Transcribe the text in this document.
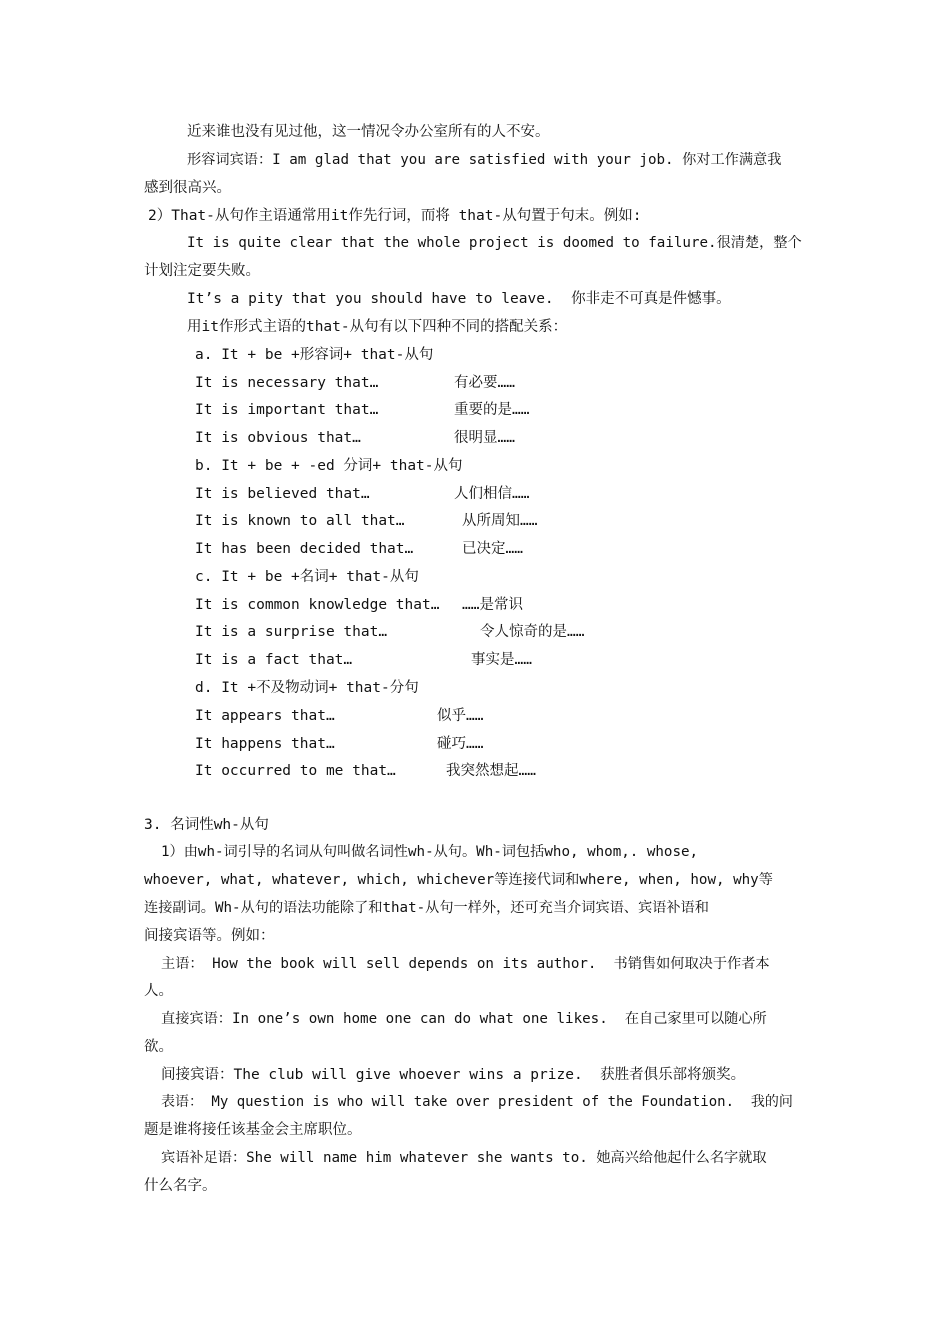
近来谁也没有见过他，这一情况令办公室所有的人不安。
形容词宾语：I am glad that you are satisfied with your job. 你对工作满意我
感到很高兴。
2）That-从句作主语通常用it作先行词，而将 that-从句置于句末。例如:
It is quite clear that the whole project is doomed to failure.很清楚，整个
计划注定要失败。
It’s a pity that you should have to leave.  你非走不可真是件憾事。
用it作形式主语的that-从句有以下四种不同的搭配关系：
a. It + be +形容词+ that-从句
It is necessary that…	有必要……
It is important that…	重要的是……
It is obvious that…	很明显……
b. It + be + -ed 分词+ that-从句
It is believed that…	人们相信……
It is known to all that…	从所周知……
It has been decided that…	已决定……
c. It + be +名词+ that-从句
It is common knowledge that… ……是常识
It is a surprise that…	令人惊奇的是……
It is a fact that…	事实是……
d. It +不及物动词+ that-分句
It appears that…	似乎……
It happens that…	碰巧……
It occurred to me that…	我突然想起……
3. 名词性wh-从句
1）由wh-词引导的名词从句叫做名词性wh-从句。Wh-词包括who, whom,. whose,
whoever, what, whatever, which, whichever等连接代词和where, when, how, why等
连接副词。Wh-从句的语法功能除了和that-从句一样外，还可充当介词宾语、宾语补语和
间接宾语等。例如：
主语： How the book will sell depends on its author.  书销售如何取决于作者本
人。
直接宾语：In one’s own home one can do what one likes.  在自己家里可以随心所
欲。
间接宾语：The club will give whoever wins a prize.  获胜者俱乐部将颁奖。
表语： My question is who will take over president of the Foundation.  我的问
题是谁将接任该基金会主席职位。
宾语补足语：She will name him whatever she wants to. 她高兴给他起什么名字就取
什么名字。
